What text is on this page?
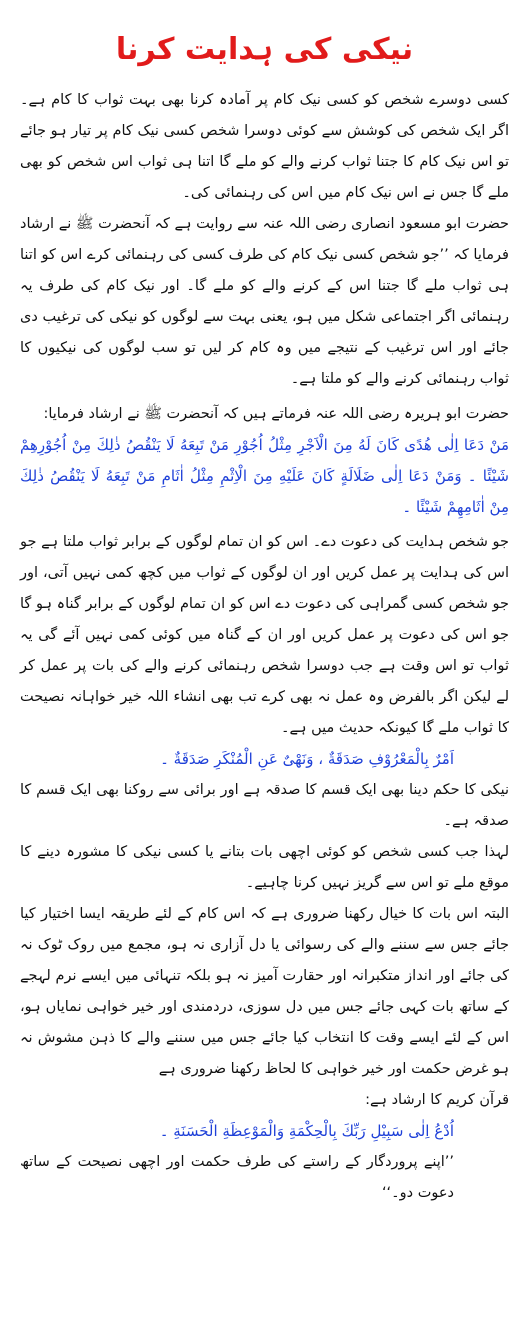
نیکی کی ہدایت کرنا

کسی دوسرے شخص کو کسی نیک کام پر آمادہ کرنا بھی بہت ثواب کا کام ہے۔ اگر ایک شخص کی کوشش سے کوئی دوسرا شخص کسی نیک کام پر تیار ہو جائے تو اس نیک کام کا جتنا ثواب کرنے والے کو ملے گا اتنا ہی ثواب اس شخص کو بھی ملے گا جس نے اس نیک کام میں اس کی رہنمائی کی۔

حضرت ابو مسعود انصاری رضی اللہ عنہ سے روایت ہے کہ آنحضرت ﷺ نے ارشاد فرمایا کہ ’’جو شخص کسی نیک کام کی طرف کسی کی رہنمائی کرے اس کو اتنا ہی ثواب ملے گا جتنا اس کے کرنے والے کو ملے گا۔ اور نیک کام کی طرف یہ رہنمائی اگر اجتماعی شکل میں ہو، یعنی بہت سے لوگوں کو نیکی کی ترغیب دی جائے اور اس ترغیب کے نتیجے میں وہ کام کر لیں تو سب لوگوں کی نیکیوں کا ثواب رہنمائی کرنے والے کو ملتا ہے۔

حضرت ابو ہریرہ رضی اللہ عنہ فرماتے ہیں کہ آنحضرت ﷺ نے ارشاد فرمایا:

مَنْ دَعَا اِلٰى هُدًى كَانَ لَهُ مِنَ الْاَجْرِ مِثْلُ اُجُوْرِ مَنْ تَبِعَهُ لَا يَنْقُصُ ذٰلِكَ مِنْ اُجُوْرِهِمْ شَيْئًا ۔ وَمَنْ دَعَا اِلٰى ضَلَالَةٍ كَانَ عَلَيْهِ مِنَ الْاِثْمِ مِثْلُ اٰثَامِ مَنْ تَبِعَهُ لَا يَنْقُصُ ذٰلِكَ مِنْ اٰثَامِهِمْ شَيْئًا ۔

جو شخص ہدایت کی دعوت دے۔ اس کو ان تمام لوگوں کے برابر ثواب ملتا ہے جو اس کی ہدایت پر عمل کریں اور ان لوگوں کے ثواب میں کچھ کمی نہیں آتی، اور جو شخص کسی گمراہی کی دعوت دے اس کو ان تمام لوگوں کے برابر گناہ ہو گا جو اس کی دعوت پر عمل کریں اور ان کے گناہ میں کوئی کمی نہیں آئے گی یہ ثواب تو اس وقت ہے جب دوسرا شخص رہنمائی کرنے والے کی بات پر عمل کر لے لیکن اگر بالفرض وہ عمل نہ بھی کرے تب بھی انشاء اللہ خیر خواہانہ نصیحت کا ثواب ملے گا کیونکہ حدیث میں ہے۔

اَمْرٌ بِالْمَعْرُوْفِ صَدَقَةٌ ، وَنَهْىٌ عَنِ الْمُنْكَرِ صَدَقَةٌ ۔

نیکی کا حکم دینا بھی ایک قسم کا صدقہ ہے اور برائی سے روکنا بھی ایک قسم کا صدقہ ہے۔

لہذا جب کسی شخص کو کوئی اچھی بات بتانے یا کسی نیکی کا مشورہ دینے کا موقع ملے تو اس سے گریز نہیں کرنا چاہیے۔

البتہ اس بات کا خیال رکھنا ضروری ہے کہ اس کام کے لئے طریقہ ایسا اختیار کیا جائے جس سے سننے والے کی رسوائی یا دل آزاری نہ ہو، مجمع میں روک ٹوک نہ کی جائے اور انداز متکبرانہ اور حقارت آمیز نہ ہو بلکہ تنہائی میں ایسے نرم لہجے کے ساتھ بات کہی جائے جس میں دل سوزی، دردمندی اور خیر خواہی نمایاں ہو، اس کے لئے ایسے وقت کا انتخاب کیا جائے جس میں سننے والے کا ذہن مشوش نہ ہو غرض حکمت اور خیر خواہی کا لحاظ رکھنا ضروری ہے

قرآن کریم کا ارشاد ہے:

اُدْعُ اِلٰى سَبِيْلِ رَبِّكَ بِالْحِكْمَةِ وَالْمَوْعِظَةِ الْحَسَنَةِ ۔

’’اپنے پروردگار کے راستے کی طرف حکمت اور اچھی نصیحت کے ساتھ دعوت دو۔‘‘
